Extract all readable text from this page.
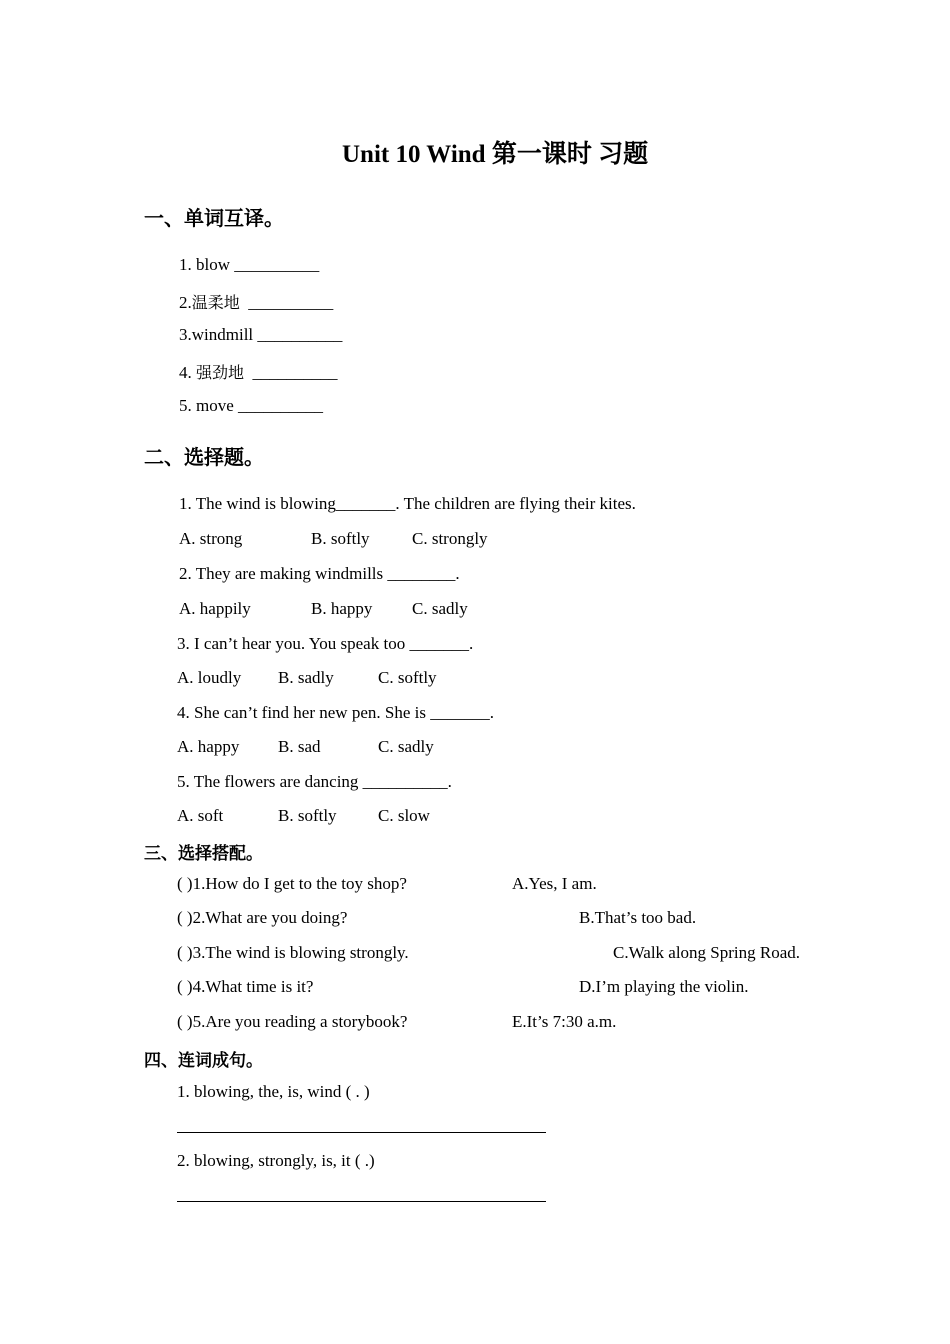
Unit 10 Wind 第一课时 习题
一、单词互译。
1. blow __________
2.温柔地 __________
3.windmill __________
4. 强劲地 __________
5. move __________
二、选择题。
1. The wind is blowing_______. The children are flying their kites.
A. strong	B. softly C. strongly
2. They are making windmills ________.
A. happily	B. happy C. sadly
3. I can’t hear you. You speak too _______.
A. loudly B. sadly	C. softly
4. She can’t find her new pen. She is _______.
A. happy B. sad	C. sadly
5. The flowers are dancing __________.
A. soft	B. softly C. slow
三、选择搭配。
( )1.How do I get to the toy shop?	A.Yes, I am.
( )2.What are you doing?	B.That’s too bad.
( )3.The wind is blowing strongly.	C.Walk along Spring Road.
( )4.What time is it?	D.I’m playing the violin.
( )5.Are you reading a storybook?	E.It’s 7:30 a.m.
四、连词成句。
1. blowing, the, is, wind ( . )
2. blowing, strongly, is, it ( .)
